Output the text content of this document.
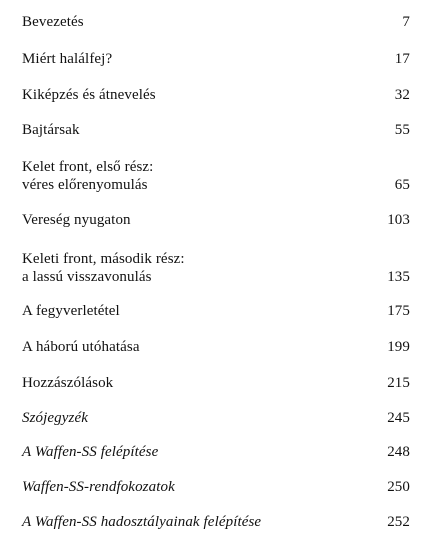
Bevezetés	7
Miért halálfej?	17
Kiképzés és átnevelés	32
Bajtársak	55
Kelet front, első rész:
véres előrenyomulás	65
Vereség nyugaton	103
Keleti front, második rész:
a lassú visszavonulás	135
A fegyverletétel	175
A háború utóhatása	199
Hozzászólások	215
Szójegyzék	245
A Waffen-SS felépítése	248
Waffen-SS-rendfokozatok	250
A Waffen-SS hadosztályainak felépítése	252
